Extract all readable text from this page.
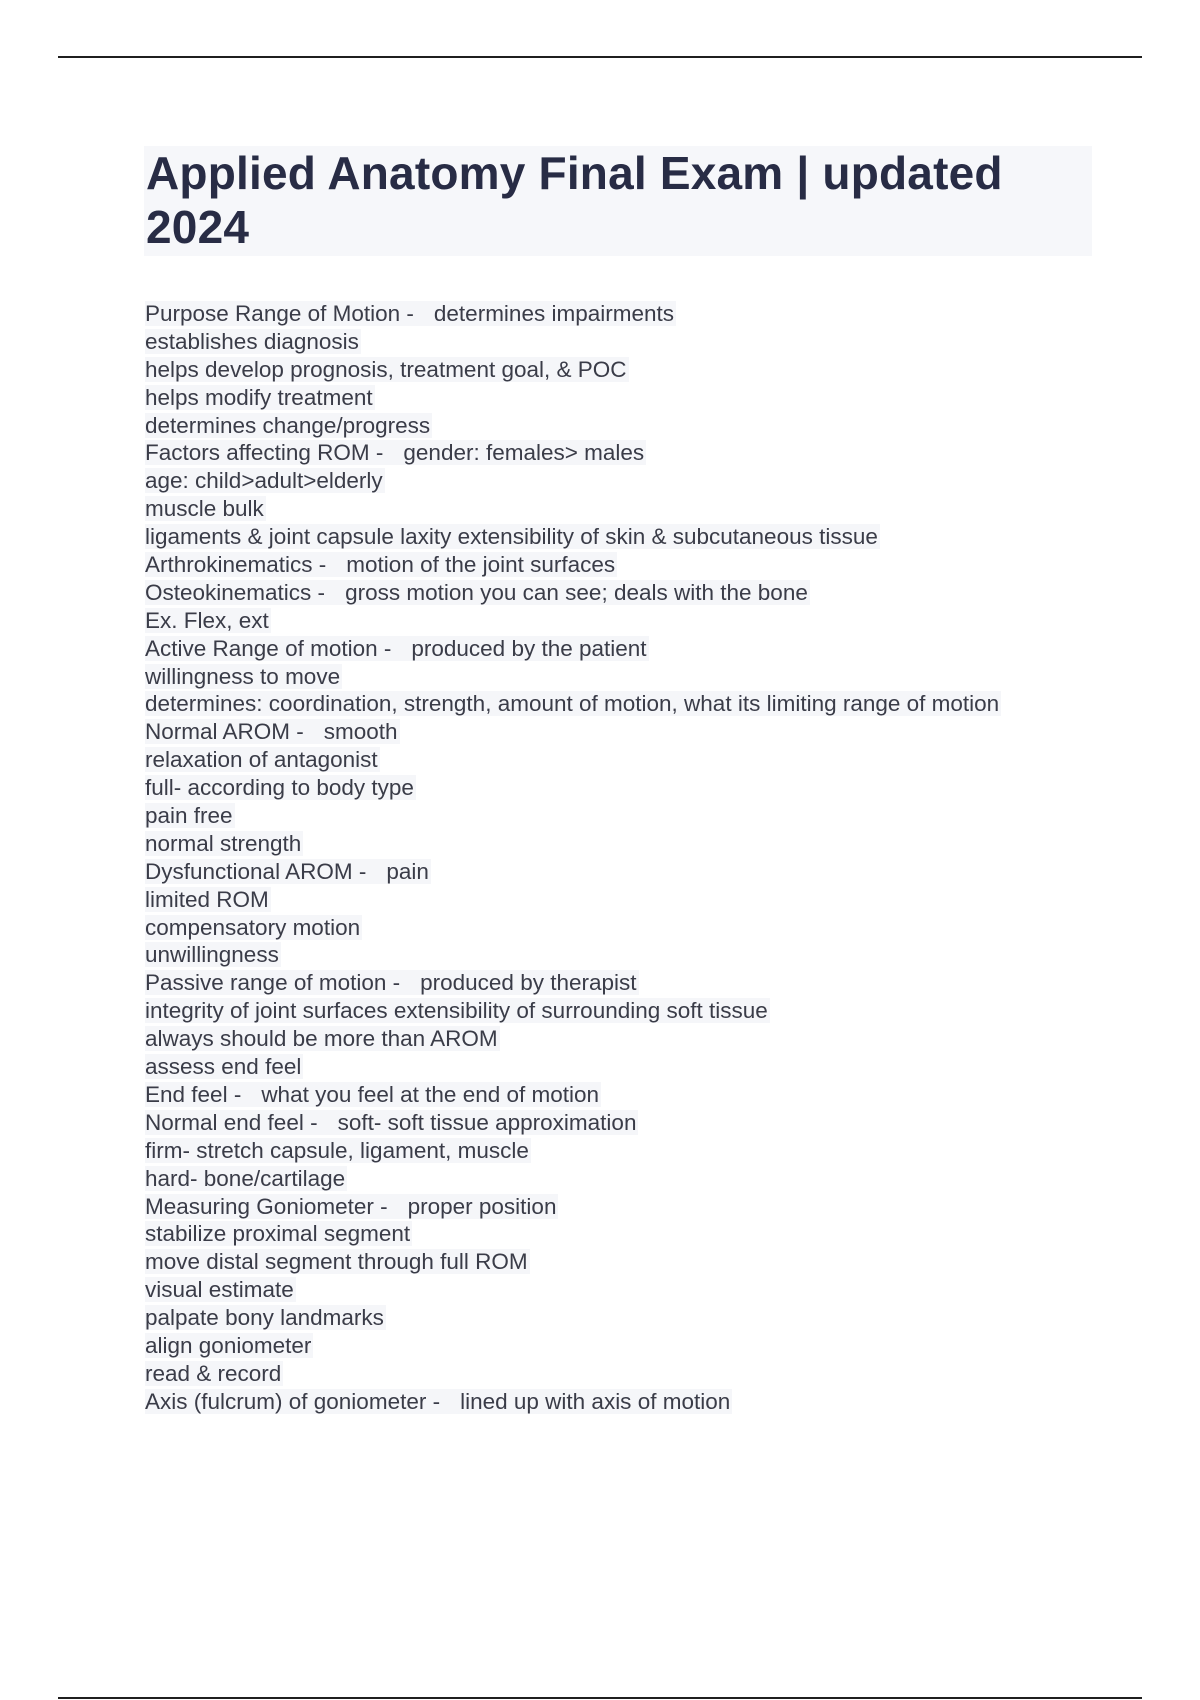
Applied Anatomy Final Exam | updated 2024
Purpose Range of Motion - determines impairments
establishes diagnosis
helps develop prognosis, treatment goal, & POC
helps modify treatment
determines change/progress
Factors affecting ROM - gender: females> males
age: child>adult>elderly
muscle bulk
ligaments & joint capsule laxity extensibility of skin & subcutaneous tissue
Arthrokinematics - motion of the joint surfaces
Osteokinematics - gross motion you can see; deals with the bone
Ex. Flex, ext
Active Range of motion - produced by the patient
willingness to move
determines: coordination, strength, amount of motion, what its limiting range of motion
Normal AROM - smooth
relaxation of antagonist
full- according to body type
pain free
normal strength
Dysfunctional AROM - pain
limited ROM
compensatory motion
unwillingness
Passive range of motion - produced by therapist
integrity of joint surfaces extensibility of surrounding soft tissue
always should be more than AROM
assess end feel
End feel - what you feel at the end of motion
Normal end feel - soft- soft tissue approximation
firm- stretch capsule, ligament, muscle
hard- bone/cartilage
Measuring Goniometer - proper position
stabilize proximal segment
move distal segment through full ROM
visual estimate
palpate bony landmarks
align goniometer
read & record
Axis (fulcrum) of goniometer - lined up with axis of motion
